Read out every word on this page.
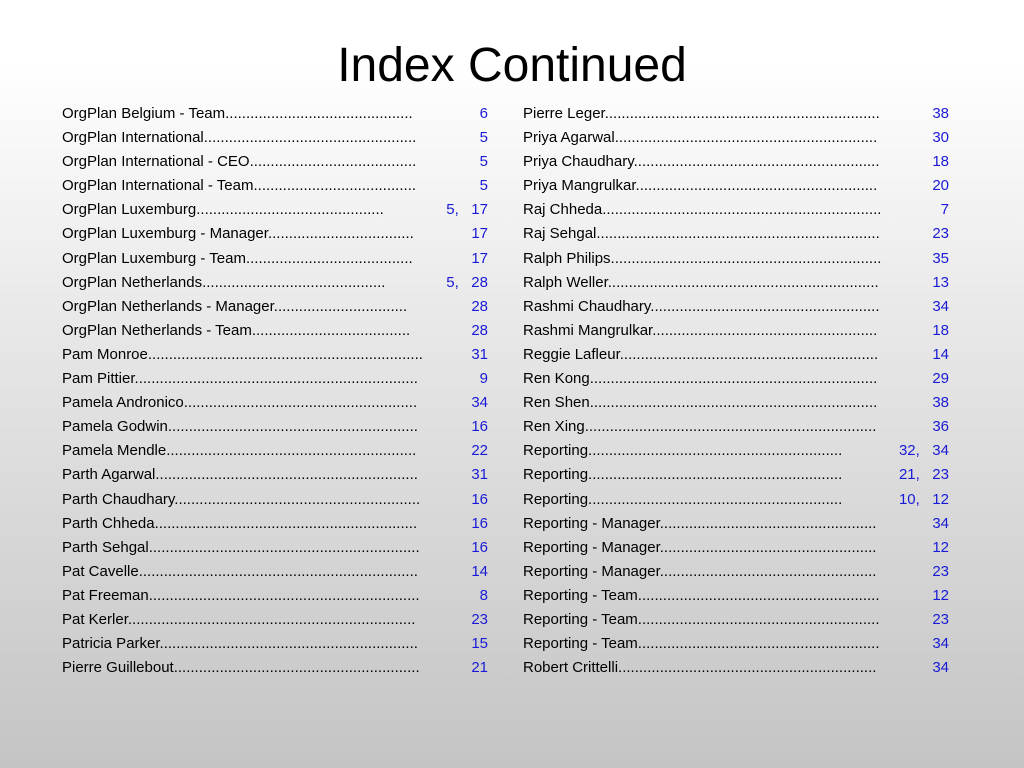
Index Continued
OrgPlan Belgium - Team.............................................	6
OrgPlan International...................................................	5
OrgPlan International - CEO........................................	5
OrgPlan International - Team.......................................	5
OrgPlan Luxemburg.............................................	5,   17
OrgPlan Luxemburg - Manager...................................	17
OrgPlan Luxemburg - Team........................................	17
OrgPlan Netherlands............................................	5,   28
OrgPlan Netherlands - Manager................................	28
OrgPlan Netherlands - Team......................................	28
Pam Monroe..................................................................	31
Pam Pittier....................................................................	9
Pamela Andronico........................................................	34
Pamela Godwin............................................................	16
Pamela Mendle............................................................	22
Parth Agarwal...............................................................	31
Parth Chaudhary...........................................................	16
Parth Chheda...............................................................	16
Parth Sehgal.................................................................	16
Pat Cavelle...................................................................	14
Pat Freeman.................................................................	8
Pat Kerler.....................................................................	23
Patricia Parker..............................................................	15
Pierre Guillebout...........................................................	21
Pierre Leger..................................................................	38
Priya Agarwal...............................................................	30
Priya Chaudhary...........................................................	18
Priya Mangrulkar..........................................................	20
Raj Chheda...................................................................	7
Raj Sehgal....................................................................	23
Ralph Philips.................................................................	35
Ralph Weller.................................................................	13
Rashmi Chaudhary.......................................................	34
Rashmi Mangrulkar......................................................	18
Reggie Lafleur..............................................................	14
Ren Kong.....................................................................	29
Ren Shen.....................................................................	38
Ren Xing......................................................................	36
Reporting.............................................................	32,   34
Reporting.............................................................	21,   23
Reporting.............................................................	10,   12
Reporting - Manager....................................................	34
Reporting - Manager....................................................	12
Reporting - Manager....................................................	23
Reporting - Team..........................................................	12
Reporting - Team..........................................................	23
Reporting - Team..........................................................	34
Robert Crittelli..............................................................	34
